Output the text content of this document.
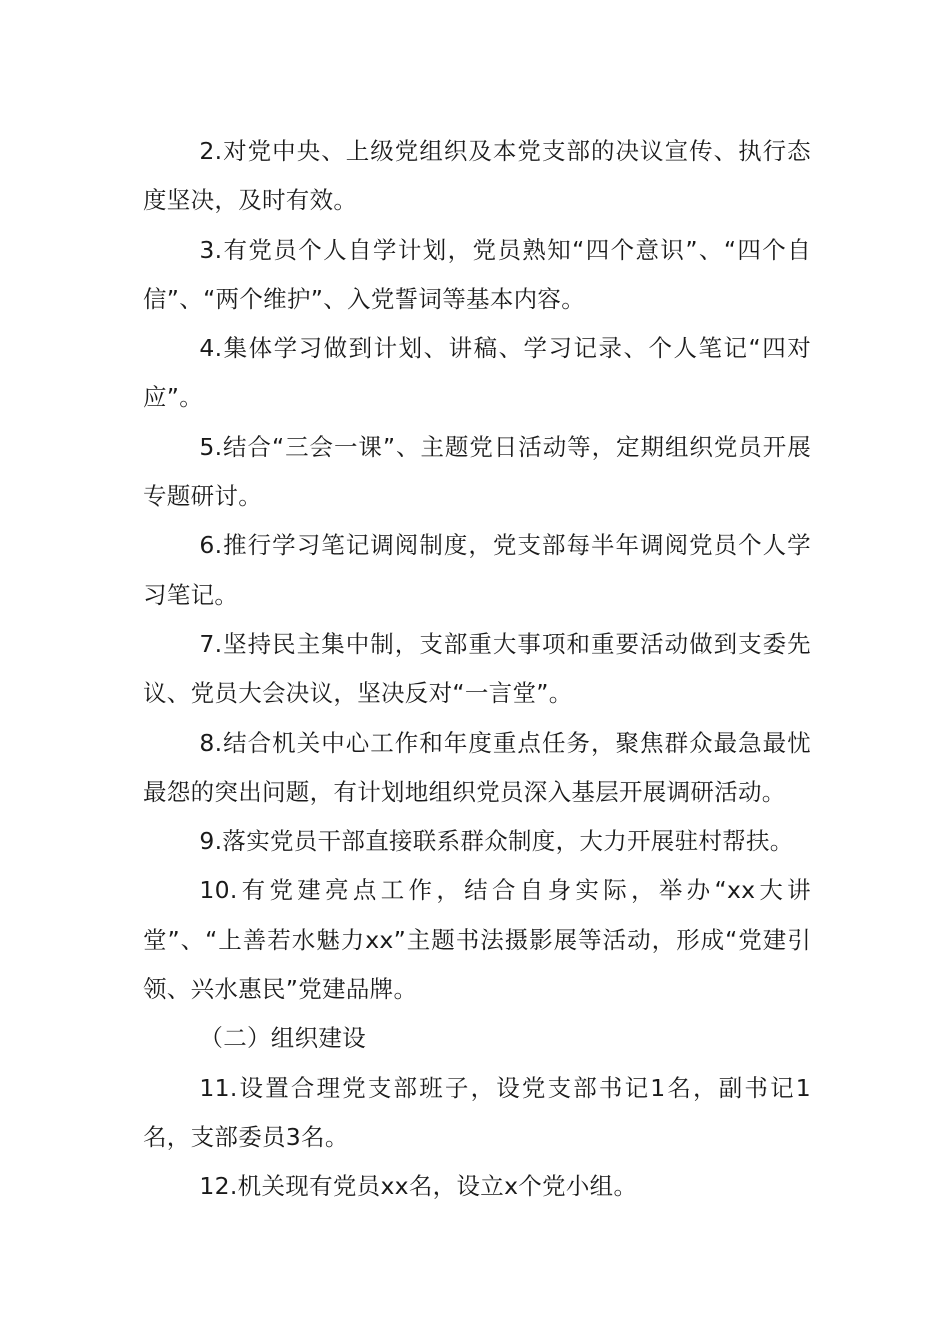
2.对党中央、上级党组织及本党支部的决议宣传、执行态度坚决，及时有效。

3.有党员个人自学计划，党员熟知“四个意识”、“四个自信”、“两个维护”、入党誓词等基本内容。

4.集体学习做到计划、讲稿、学习记录、个人笔记“四对应”。

5.结合“三会一课”、主题党日活动等，定期组织党员开展专题研讨。

6.推行学习笔记调阅制度，党支部每半年调阅党员个人学习笔记。

7.坚持民主集中制，支部重大事项和重要活动做到支委先议、党员大会决议，坚决反对“一言堂”。

8.结合机关中心工作和年度重点任务，聚焦群众最急最忧最怨的突出问题，有计划地组织党员深入基层开展调研活动。

9.落实党员干部直接联系群众制度，大力开展驻村帮扶。

10.有党建亮点工作，结合自身实际，举办“xx大讲堂”、“上善若水魅力xx”主题书法摄影展等活动，形成“党建引领、兴水惠民”党建品牌。

（二）组织建设

11.设置合理党支部班子，设党支部书记1名，副书记1名，支部委员3名。

12.机关现有党员xx名，设立x个党小组。
